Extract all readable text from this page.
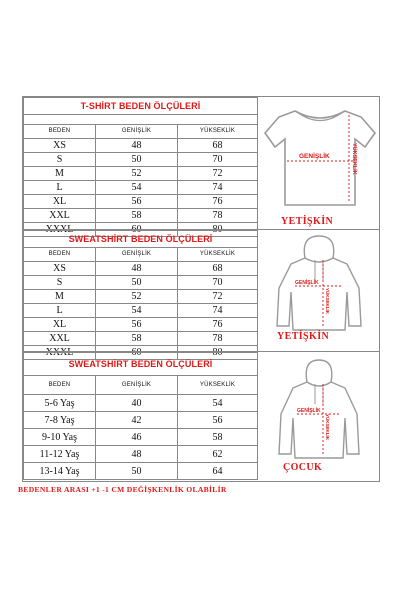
T-SHİRT BEDEN ÖLÇÜLERİ		

BEDEN	GENİŞLİK	YÜKSEKLİK
XS	48	68
S	50	70
M	52	72
L	54	74
XL	56	76
XXL	58	78
XXXL	60	80
GENİŞLİK	YÜKSEKLİK
YETİŞKİN
SWEATSHİRT BEDEN ÖLÇÜLERİ		
BEDEN	GENİŞLİK	YÜKSEKLİK
XS	48	68
S	50	70
M	52	72
L	54	74
XL	56	76
XXL	58	78
XXXL	60	80
GENİŞLİK
YÜKSEKLİK
YETİŞKİN
SWEATSHİRT BEDEN ÖLÇÜLERİ		
BEDEN	GENİŞLİK	YÜKSEKLİK
5-6 Yaş	40	54
7-8 Yaş	42	56
9-10 Yaş	46	58
11-12 Yaş	48	62
13-14 Yaş	50	64
GENİŞLİK
YÜKSEKLİK
ÇOCUK
BEDENLER ARASI +1 -1 CM DEĞİŞKENLİK OLABİLİR
